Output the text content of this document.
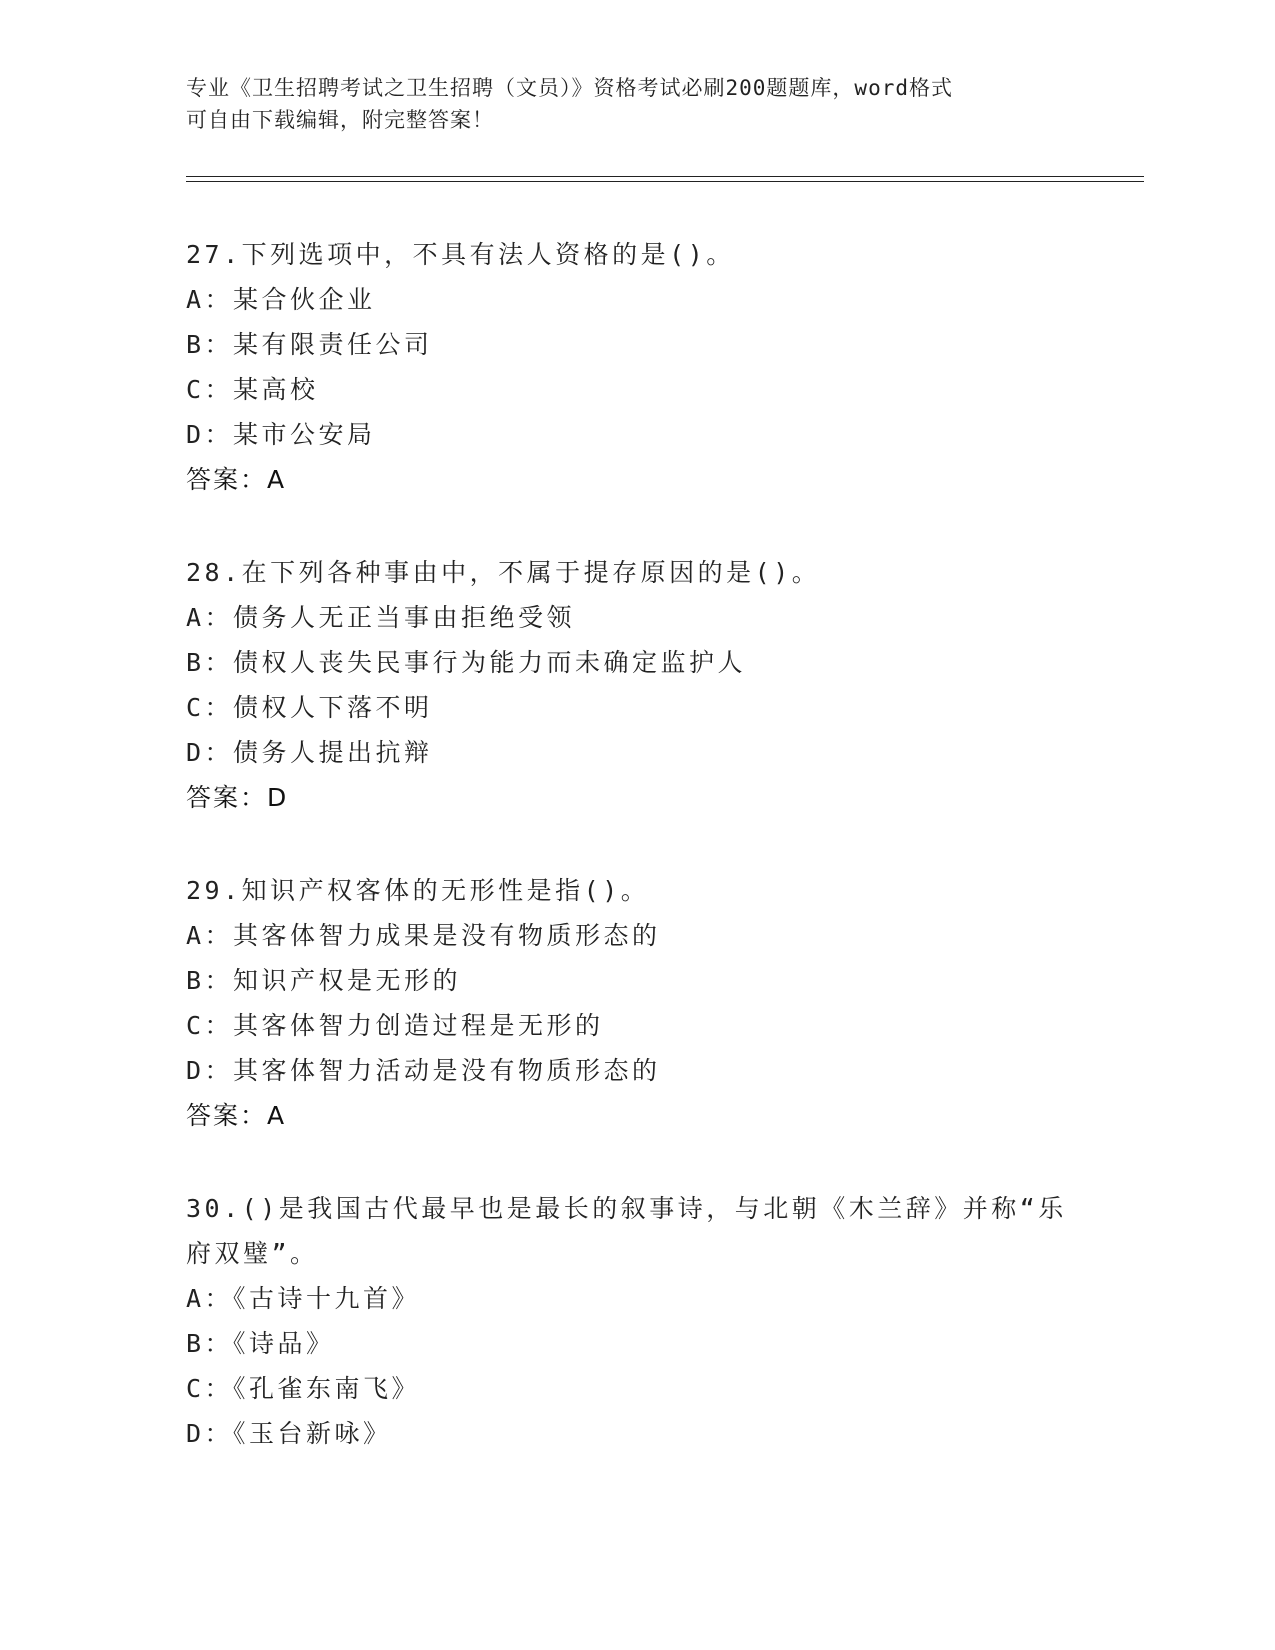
专业《卫生招聘考试之卫生招聘（文员）》资格考试必刷200题题库，word格式
可自由下载编辑，附完整答案！

27.下列选项中，不具有法人资格的是()。

A：某合伙企业

B：某有限责任公司

C：某高校

D：某市公安局

答案：A

28.在下列各种事由中，不属于提存原因的是()。

A：债务人无正当事由拒绝受领

B：债权人丧失民事行为能力而未确定监护人

C：债权人下落不明

D：债务人提出抗辩

答案：D

29.知识产权客体的无形性是指()。

A：其客体智力成果是没有物质形态的

B：知识产权是无形的

C：其客体智力创造过程是无形的

D：其客体智力活动是没有物质形态的

答案：A

30.()是我国古代最早也是最长的叙事诗，与北朝《木兰辞》并称“乐府双璧”。

A：《古诗十九首》

B：《诗品》

C：《孔雀东南飞》

D：《玉台新咏》
